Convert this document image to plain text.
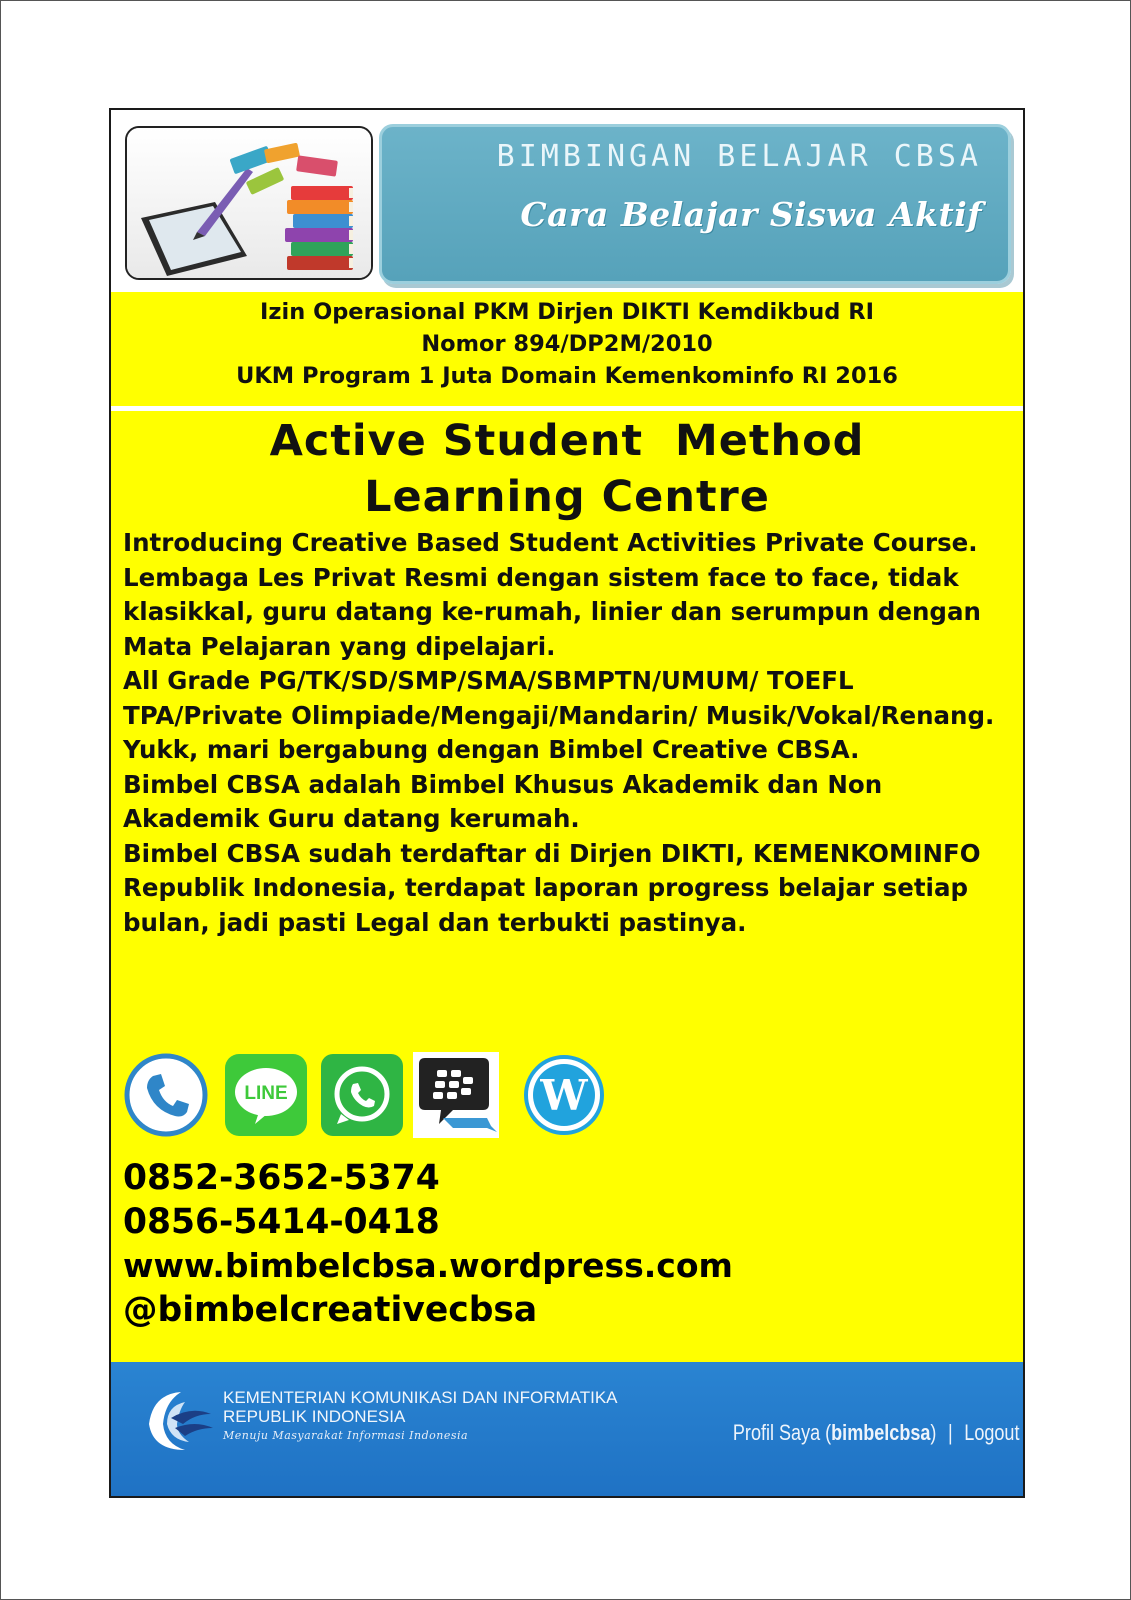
BIMBINGAN BELAJAR CBSA
Cara Belajar Siswa Aktif
Izin Operasional PKM Dirjen DIKTI Kemdikbud RI
Nomor 894/DP2M/2010
UKM Program 1 Juta Domain Kemenkominfo RI 2016
Active Student  Method
Learning Centre

Introducing Creative Based Student Activities Private Course. Lembaga Les Privat Resmi dengan sistem face to face, tidak klasikkal, guru datang ke-rumah, linier dan serumpun dengan Mata Pelajaran yang dipelajari.

All Grade PG/TK/SD/SMP/SMA/SBMPTN/UMUM/ TOEFL TPA/Private Olimpiade/Mengaji/Mandarin/ Musik/Vokal/Renang. Yukk, mari bergabung dengan Bimbel Creative CBSA.

Bimbel CBSA adalah Bimbel Khusus Akademik dan Non Akademik Guru datang kerumah.

Bimbel CBSA sudah terdaftar di Dirjen DIKTI, KEMENKOMINFO Republik Indonesia, terdapat laporan progress belajar setiap bulan, jadi pasti Legal dan terbukti pastinya.

LINE	W
0852-3652-5374
0856-5414-0418
www.bimbelcbsa.wordpress.com
@bimbelcreativecbsa
KEMENTERIAN KOMUNIKASI DAN INFORMATIKA
REPUBLIK INDONESIA
Menuju Masyarakat Informasi Indonesia	Profil Saya (bimbelcbsa) | Logout
